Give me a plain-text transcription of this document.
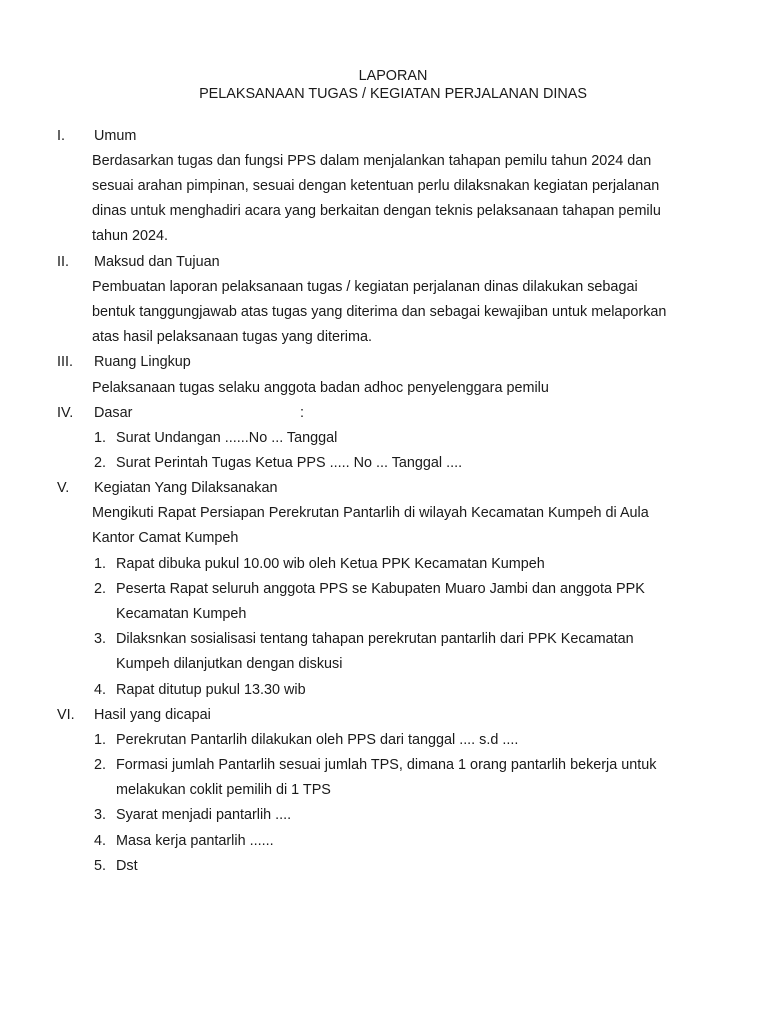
LAPORAN
PELAKSANAAN TUGAS / KEGIATAN PERJALANAN DINAS
I. Umum
Berdasarkan tugas dan fungsi PPS dalam menjalankan tahapan pemilu tahun 2024 dan
sesuai arahan pimpinan, sesuai dengan ketentuan perlu dilaksnakan kegiatan perjalanan
dinas untuk menghadiri acara yang berkaitan dengan teknis pelaksanaan tahapan pemilu
tahun 2024.
II. Maksud dan Tujuan
Pembuatan laporan pelaksanaan tugas / kegiatan perjalanan dinas dilakukan sebagai
bentuk tanggungjawab atas tugas yang diterima dan sebagai kewajiban untuk melaporkan
atas hasil pelaksanaan tugas yang diterima.
III. Ruang Lingkup
Pelaksanaan tugas selaku anggota badan adhoc penyelenggara pemilu
IV. Dasar	:
1. Surat Undangan ......No ... Tanggal
2. Surat Perintah Tugas Ketua PPS ..... No ... Tanggal ....
V. Kegiatan Yang Dilaksanakan
Mengikuti Rapat Persiapan Perekrutan Pantarlih di wilayah Kecamatan Kumpeh di Aula
Kantor Camat Kumpeh
1. Rapat dibuka pukul 10.00 wib oleh Ketua PPK Kecamatan Kumpeh
2. Peserta Rapat seluruh anggota PPS se Kabupaten Muaro Jambi dan anggota PPK
Kecamatan Kumpeh
3. Dilaksnkan sosialisasi tentang tahapan perekrutan pantarlih dari PPK Kecamatan
Kumpeh dilanjutkan dengan diskusi
4. Rapat ditutup pukul 13.30 wib
VI. Hasil yang dicapai
1. Perekrutan Pantarlih dilakukan oleh PPS dari tanggal .... s.d ....
2. Formasi jumlah Pantarlih sesuai jumlah TPS, dimana 1 orang pantarlih bekerja untuk
melakukan coklit pemilih di 1 TPS
3. Syarat menjadi pantarlih ....
4. Masa kerja pantarlih ......
5. Dst
